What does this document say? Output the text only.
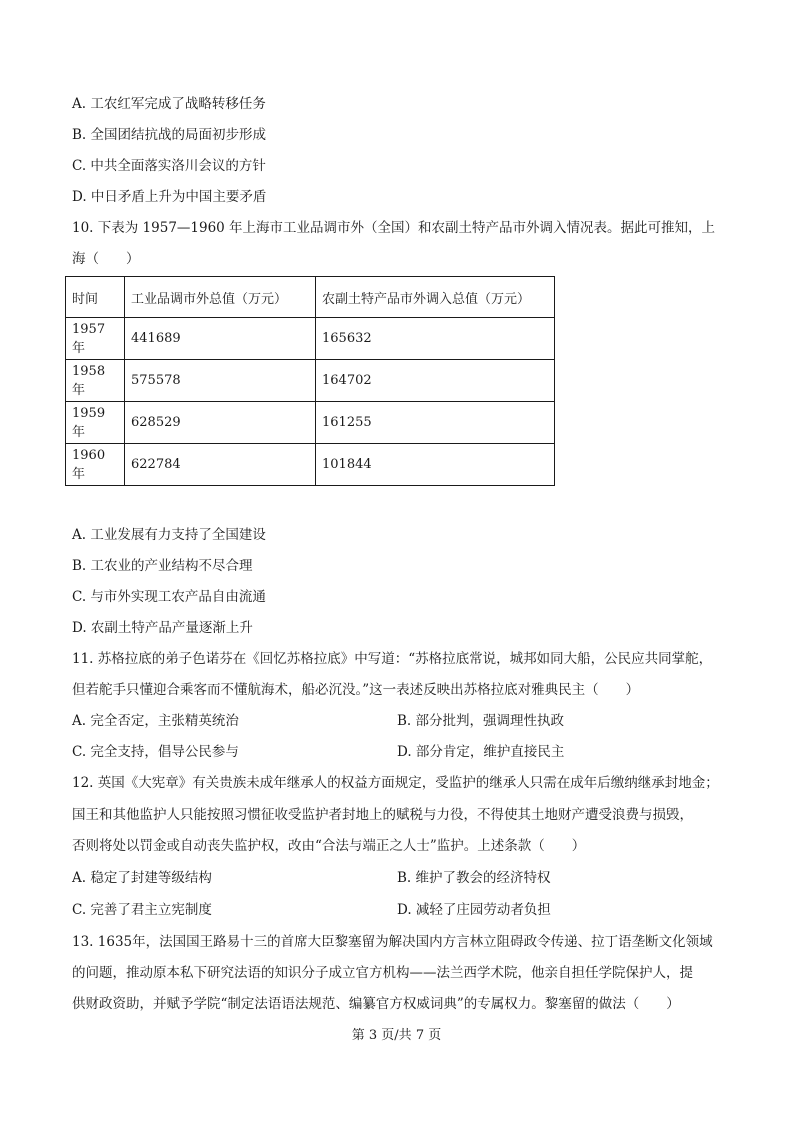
A. 工农红军完成了战略转移任务
B. 全国团结抗战的局面初步形成
C. 中共全面落实洛川会议的方针
D. 中日矛盾上升为中国主要矛盾
10. 下表为 1957—1960 年上海市工业品调市外（全国）和农副土特产品市外调入情况表。据此可推知，上
海（　　）
时间	工业品调市外总值（万元）	农副土特产品市外调入总值（万元）
1957年	441689	165632
1958年	575578	164702
1959年	628529	161255
1960年	622784	101844
A. 工业发展有力支持了全国建设
B. 工农业的产业结构不尽合理
C. 与市外实现工农产品自由流通
D. 农副土特产品产量逐渐上升
11. 苏格拉底的弟子色诺芬在《回忆苏格拉底》中写道：“苏格拉底常说，城邦如同大船，公民应共同掌舵，
但若舵手只懂迎合乘客而不懂航海术，船必沉没。”这一表述反映出苏格拉底对雅典民主（　　）
A. 完全否定，主张精英统治	B. 部分批判，强调理性执政
C. 完全支持，倡导公民参与	D. 部分肯定，维护直接民主
12. 英国《大宪章》有关贵族未成年继承人的权益方面规定，受监护的继承人只需在成年后缴纳继承封地金；
国王和其他监护人只能按照习惯征收受监护者封地上的赋税与力役，不得使其土地财产遭受浪费与损毁，
否则将处以罚金或自动丧失监护权，改由“合法与端正之人士”监护。上述条款（　　）
A. 稳定了封建等级结构	B. 维护了教会的经济特权
C. 完善了君主立宪制度	D. 减轻了庄园劳动者负担
13. 1635年，法国国王路易十三的首席大臣黎塞留为解决国内方言林立阻碍政令传递、拉丁语垄断文化领域
的问题，推动原本私下研究法语的知识分子成立官方机构——法兰西学术院，他亲自担任学院保护人，提
供财政资助，并赋予学院“制定法语语法规范、编纂官方权威词典”的专属权力。黎塞留的做法（　　）
第 3 页/共 7 页
